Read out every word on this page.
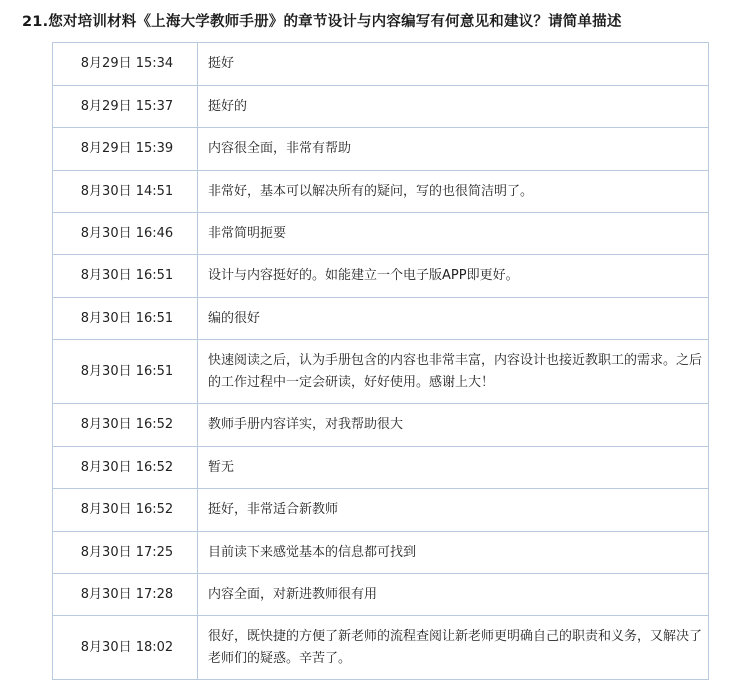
21.您对培训材料《上海大学教师手册》的章节设计与内容编写有何意见和建议？请简单描述
8月29日 15:34	挺好
8月29日 15:37	挺好的
8月29日 15:39	内容很全面，非常有帮助
8月30日 14:51	非常好，基本可以解决所有的疑问，写的也很简洁明了。
8月30日 16:46	非常简明扼要
8月30日 16:51	设计与内容挺好的。如能建立一个电子版APP即更好。
8月30日 16:51	编的很好
8月30日 16:51	快速阅读之后，认为手册包含的内容也非常丰富，内容设计也接近教职工的需求。之后的工作过程中一定会研读，好好使用。感谢上大！
8月30日 16:52	教师手册内容详实，对我帮助很大
8月30日 16:52	暂无
8月30日 16:52	挺好，非常适合新教师
8月30日 17:25	目前读下来感觉基本的信息都可找到
8月30日 17:28	内容全面，对新进教师很有用
8月30日 18:02	很好，既快捷的方便了新老师的流程查阅让新老师更明确自己的职责和义务，又解决了老师们的疑惑。辛苦了。
